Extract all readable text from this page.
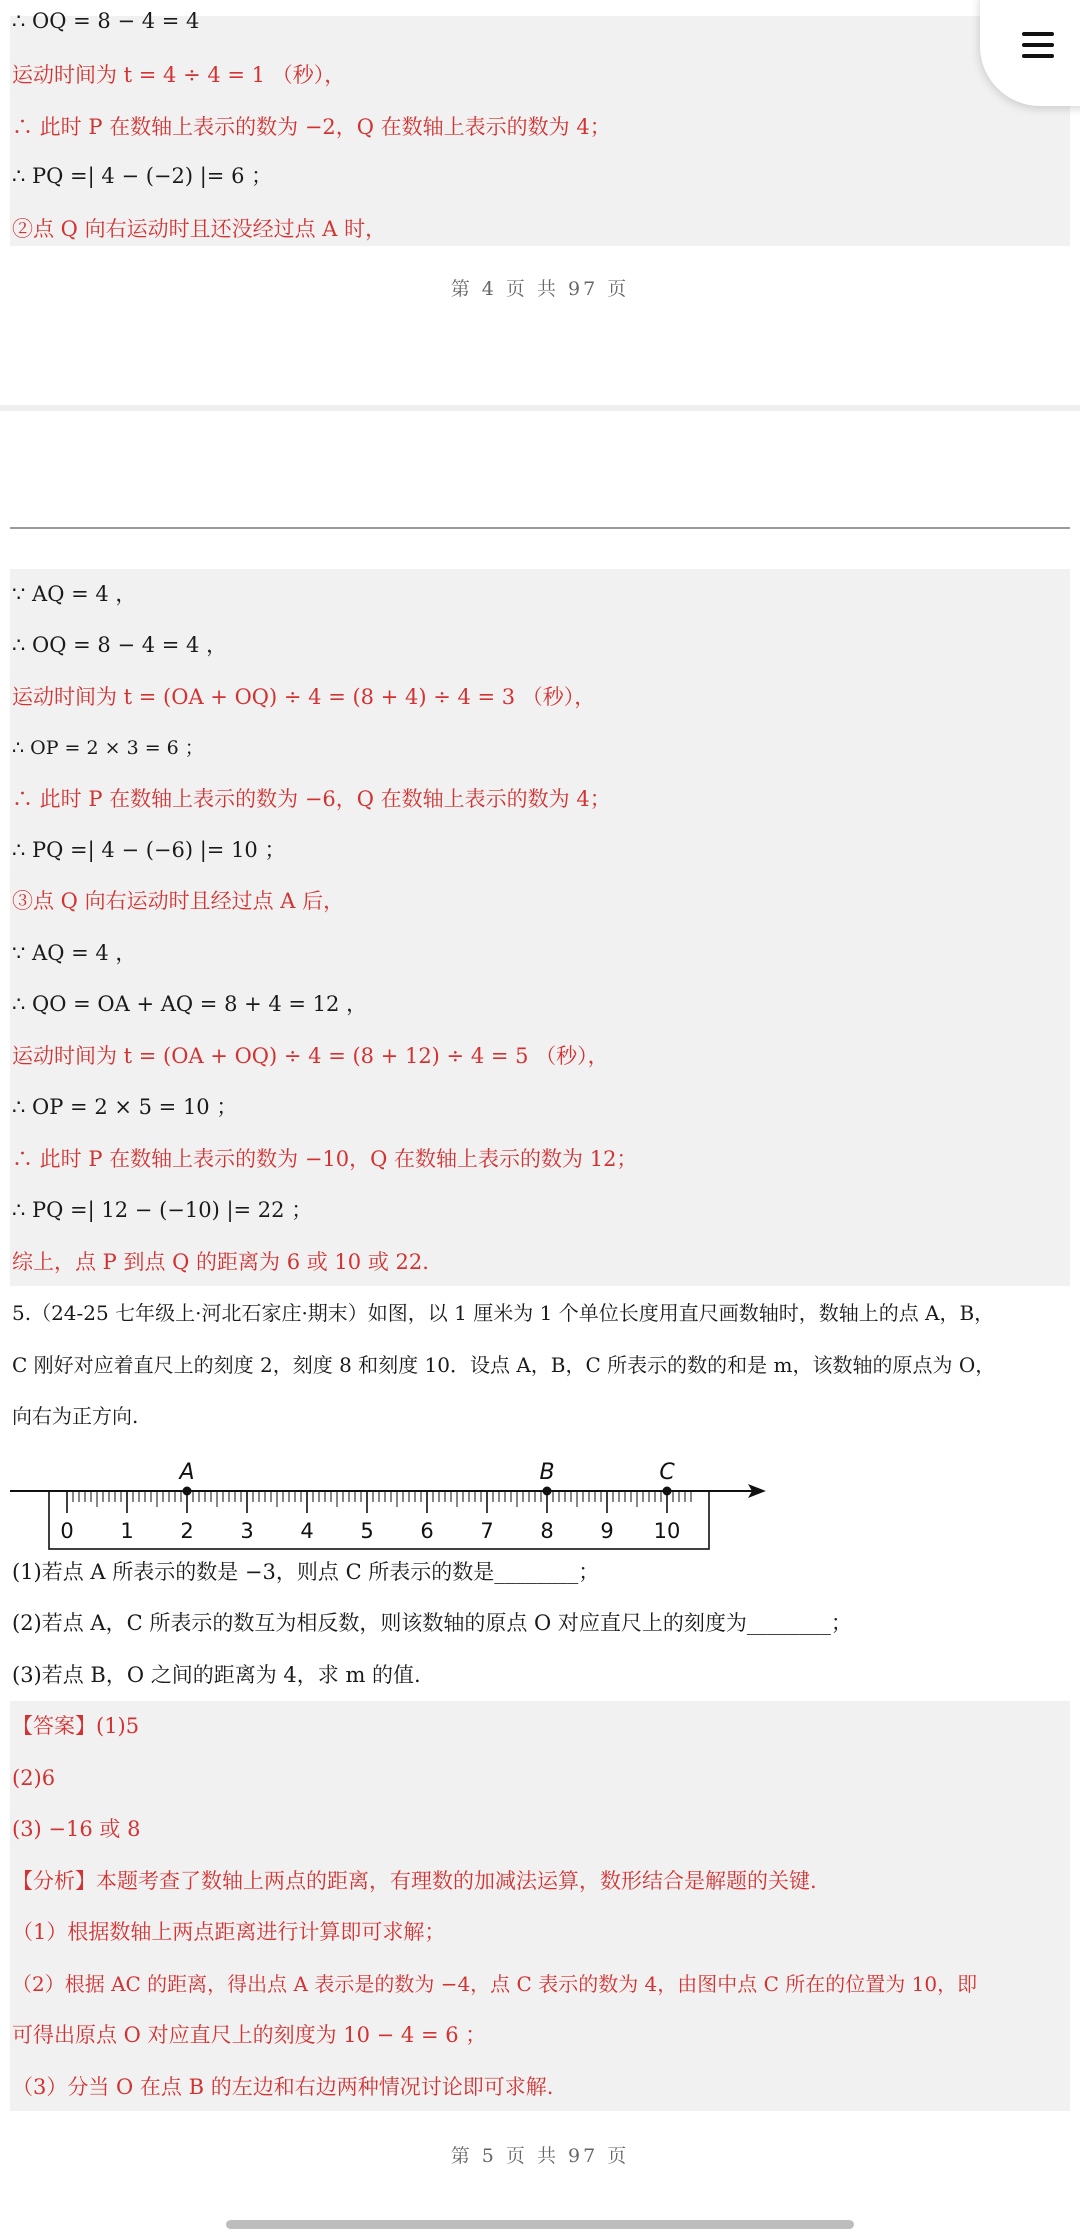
∴ OQ = 8 − 4 = 4
运动时间为 t = 4 ÷ 4 = 1 （秒），
∴ 此时 P 在数轴上表示的数为 −2，Q 在数轴上表示的数为 4；
∴ PQ =| 4 − (−2) |= 6 ；
②点 Q 向右运动时且还没经过点 A 时，
第 4 页 共 97 页
∵ AQ = 4 ，
∴ OQ = 8 − 4 = 4 ，
运动时间为 t = (OA + OQ) ÷ 4 = (8 + 4) ÷ 4 = 3 （秒），
∴ OP = 2 × 3 = 6 ；
∴ 此时 P 在数轴上表示的数为 −6，Q 在数轴上表示的数为 4；
∴ PQ =| 4 − (−6) |= 10 ；
③点 Q 向右运动时且经过点 A 后，
∵ AQ = 4 ，
∴ QO = OA + AQ = 8 + 4 = 12 ，
运动时间为 t = (OA + OQ) ÷ 4 = (8 + 12) ÷ 4 = 5 （秒），
∴ OP = 2 × 5 = 10 ；
∴ 此时 P 在数轴上表示的数为 −10，Q 在数轴上表示的数为 12；
∴ PQ =| 12 − (−10) |= 22 ；
综上，点 P 到点 Q 的距离为 6 或 10 或 22.
5.（24-25 七年级上·河北石家庄·期末）如图，以 1 厘米为 1 个单位长度用直尺画数轴时，数轴上的点 A，B，
C 刚好对应着直尺上的刻度 2，刻度 8 和刻度 10．设点 A，B，C 所表示的数的和是 m，该数轴的原点为 O，
向右为正方向.
0 1 2 3 4 5 6 7 8 9 10
A	B	C
(1)若点 A 所表示的数是 −3，则点 C 所表示的数是________；
(2)若点 A，C 所表示的数互为相反数，则该数轴的原点 O 对应直尺上的刻度为________；
(3)若点 B，O 之间的距离为 4，求 m 的值.
【答案】(1)5
(2)6
(3) −16 或 8
【分析】本题考查了数轴上两点的距离，有理数的加减法运算，数形结合是解题的关键.
（1）根据数轴上两点距离进行计算即可求解；
（2）根据 AC 的距离，得出点 A 表示是的数为 −4，点 C 表示的数为 4，由图中点 C 所在的位置为 10，即
可得出原点 O 对应直尺上的刻度为 10 − 4 = 6 ；
（3）分当 O 在点 B 的左边和右边两种情况讨论即可求解.
第 5 页 共 97 页
